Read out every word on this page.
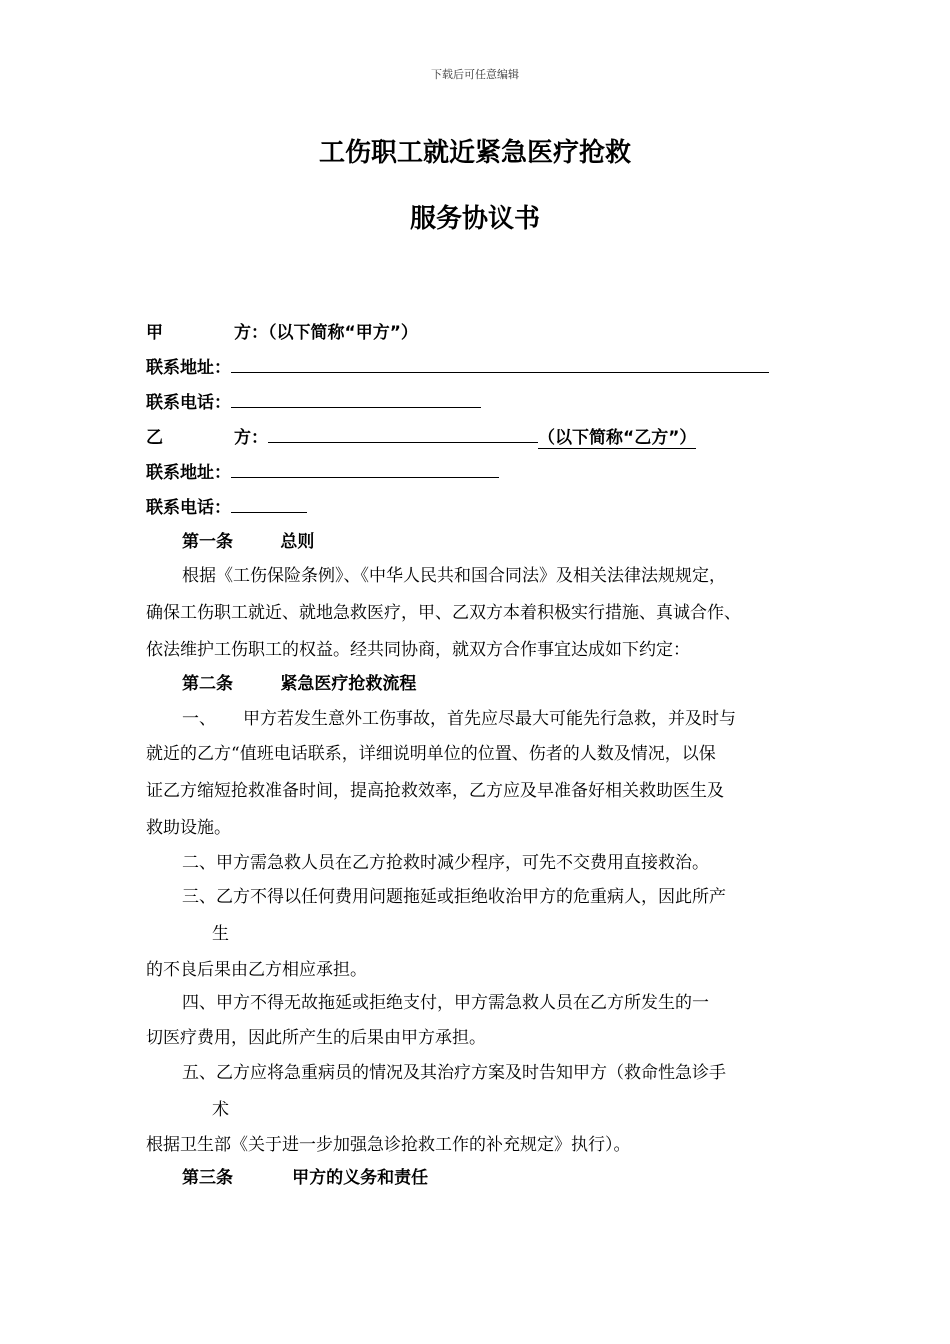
下载后可任意编辑
工伤职工就近紧急医疗抢救
服务协议书
甲            方：（以下简称“甲方”）
联系地址：
联系电话：
乙            方：	（以下简称“乙方”）
联系地址：
联系电话：
第一条        总则
根据《工伤保险条例》、《中华人民共和国合同法》及相关法律法规规定，
确保工伤职工就近、就地急救医疗，甲、乙双方本着积极实行措施、真诚合作、
依法维护工伤职工的权益。经共同协商，就双方合作事宜达成如下约定：
第二条        紧急医疗抢救流程
一、     甲方若发生意外工伤事故，首先应尽最大可能先行急救，并及时与
就近的乙方“值班电话联系，详细说明单位的位置、伤者的人数及情况，以保
证乙方缩短抢救准备时间，提高抢救效率，乙方应及早准备好相关救助医生及
救助设施。
二、甲方需急救人员在乙方抢救时减少程序，可先不交费用直接救治。
三、乙方不得以任何费用问题拖延或拒绝收治甲方的危重病人，因此所产
生
的不良后果由乙方相应承担。
四、甲方不得无故拖延或拒绝支付，甲方需急救人员在乙方所发生的一
切医疗费用，因此所产生的后果由甲方承担。
五、乙方应将急重病员的情况及其治疗方案及时告知甲方（救命性急诊手
术
根据卫生部《关于进一步加强急诊抢救工作的补充规定》执行）。
第三条          甲方的义务和责任
